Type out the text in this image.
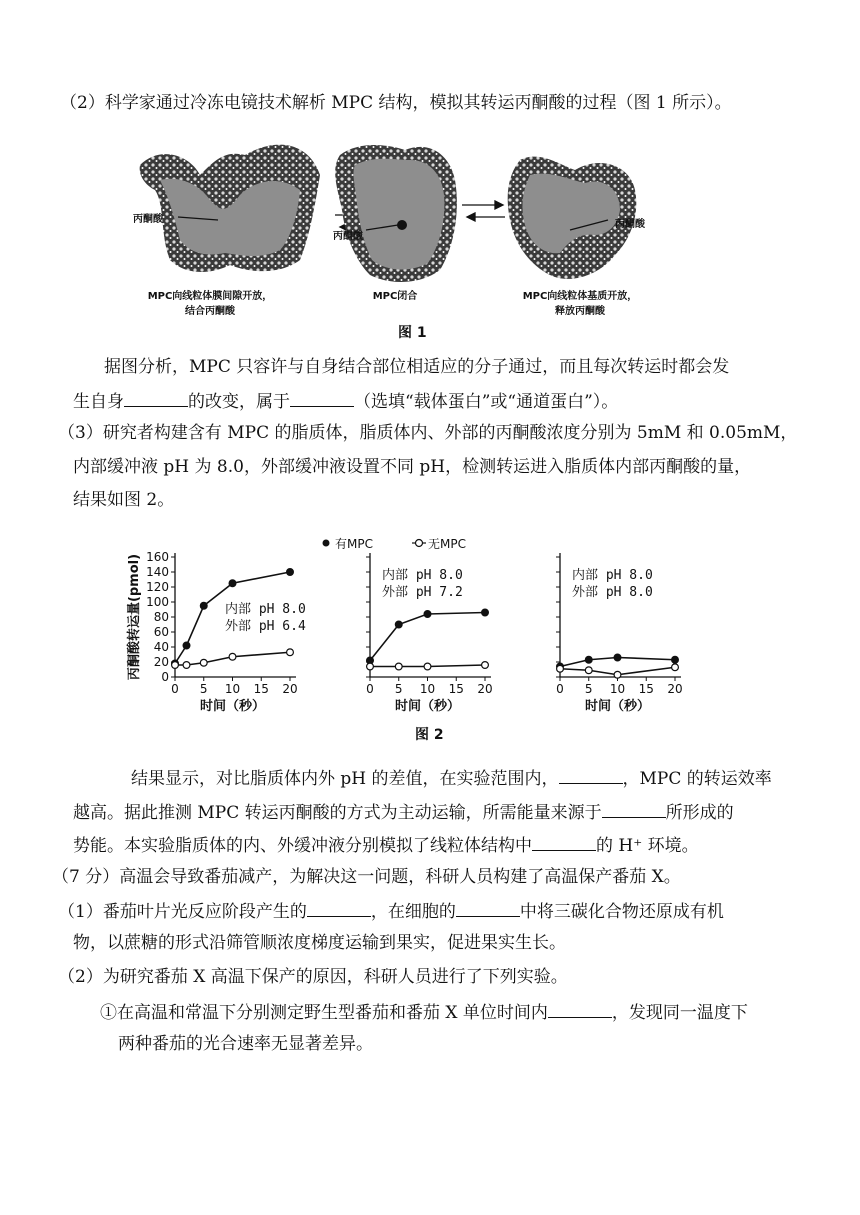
（2）科学家通过冷冻电镜技术解析 MPC 结构，模拟其转运丙酮酸的过程（图 1 所示）。
丙酮酸
丙酮酸
丙酮酸
MPC向线粒体膜间隙开放，
结合丙酮酸
MPC闭合	MPC向线粒体基质开放，
释放丙酮酸
图 1
据图分析，MPC 只容许与自身结合部位相适应的分子通过，而且每次转运时都会发
生自身	的改变，属于	（选填“载体蛋白”或“通道蛋白”）。
（3）研究者构建含有 MPC 的脂质体，脂质体内、外部的丙酮酸浓度分别为 5mM 和 0.05mM，
内部缓冲液 pH 为 8.0，外部缓冲液设置不同 pH，检测转运进入脂质体内部丙酮酸的量，
结果如图 2。
有MPC	无MPC
丙酮酸转运量(pmol)
0 5 10 15 20
0
20
40
60
80
100
120
140
160
时间（秒）
内部 pH 8.0
外部 pH 6.4
0 5 10 15 20
时间（秒）
内部 pH 8.0
外部 pH 7.2
0 5 10 15 20
时间（秒）
内部 pH 8.0
外部 pH 8.0
图 2
结果显示，对比脂质体内外 pH 的差值，在实验范围内，	，MPC 的转运效率
越高。据此推测 MPC 转运丙酮酸的方式为主动运输，所需能量来源于	所形成的
势能。本实验脂质体的内、外缓冲液分别模拟了线粒体结构中	的 H⁺ 环境。
（7 分）高温会导致番茄减产，为解决这一问题，科研人员构建了高温保产番茄 X。
（1）番茄叶片光反应阶段产生的	，在细胞的	中将三碳化合物还原成有机
物，以蔗糖的形式沿筛管顺浓度梯度运输到果实，促进果实生长。
（2）为研究番茄 X 高温下保产的原因，科研人员进行了下列实验。
①在高温和常温下分别测定野生型番茄和番茄 X 单位时间内	，发现同一温度下
两种番茄的光合速率无显著差异。
